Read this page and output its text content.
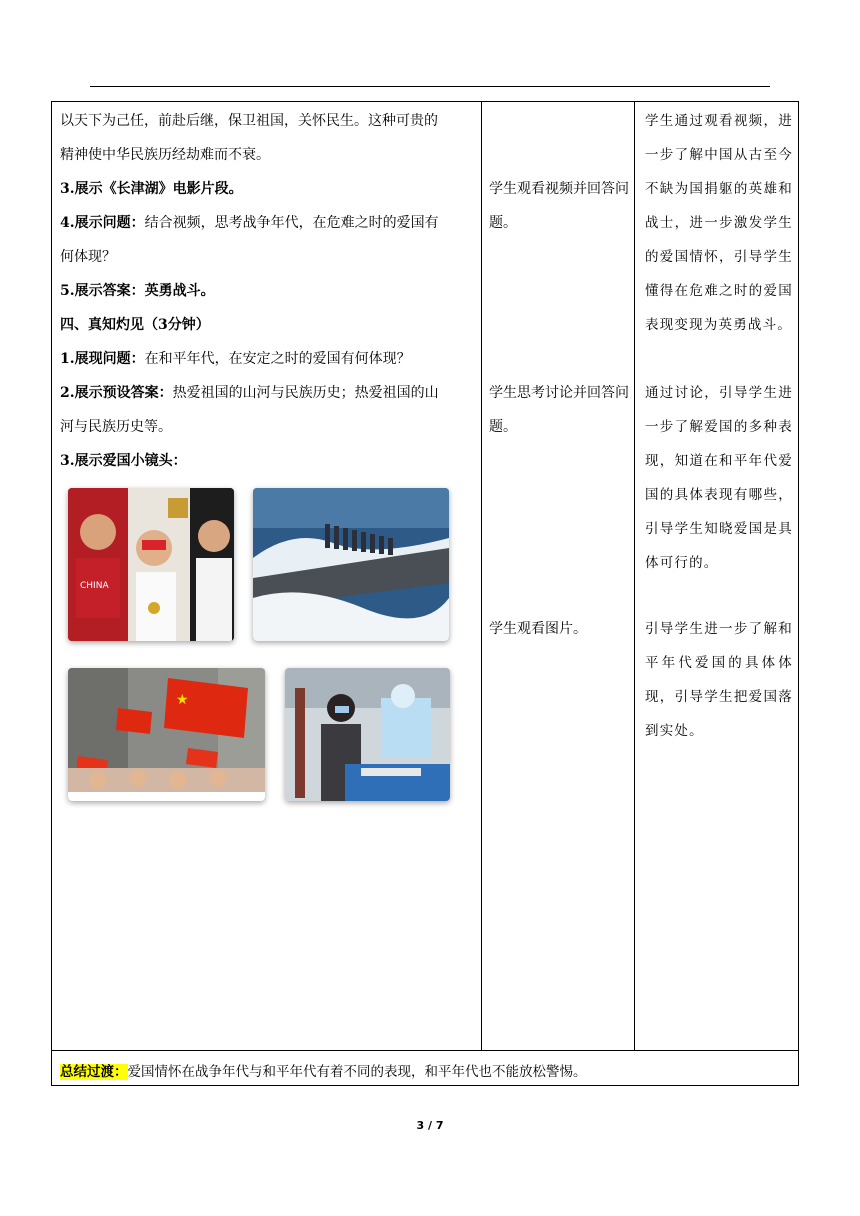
以天下为己任，前赴后继，保卫祖国，关怀民生。这种可贵的

精神使中华民族历经劫难而不衰。

3.展示《长津湖》电影片段。

4.展示问题：结合视频，思考战争年代，在危难之时的爱国有

何体现？

5.展示答案：英勇战斗。

四、真知灼见（3分钟）

1.展现问题：在和平年代，在安定之时的爱国有何体现？

2.展示预设答案：热爱祖国的山河与民族历史；热爱祖国的山

河与民族历史等。

3.展示爱国小镜头：

CHINA
★

学生观看视频并回答问题。

学生思考讨论并回答问题。

学生观看图片。

学生通过观看视频，进一步了解中国从古至今不缺为国捐躯的英雄和战士，进一步激发学生的爱国情怀，引导学生懂得在危难之时的爱国表现变现为英勇战斗。

通过讨论，引导学生进一步了解爱国的多种表现，知道在和平年代爱国的具体表现有哪些，引导学生知晓爱国是具体可行的。

引导学生进一步了解和平年代爱国的具体体现，引导学生把爱国落到实处。

总结过渡：爱国情怀在战争年代与和平年代有着不同的表现，和平年代也不能放松警惕。
3 / 7
